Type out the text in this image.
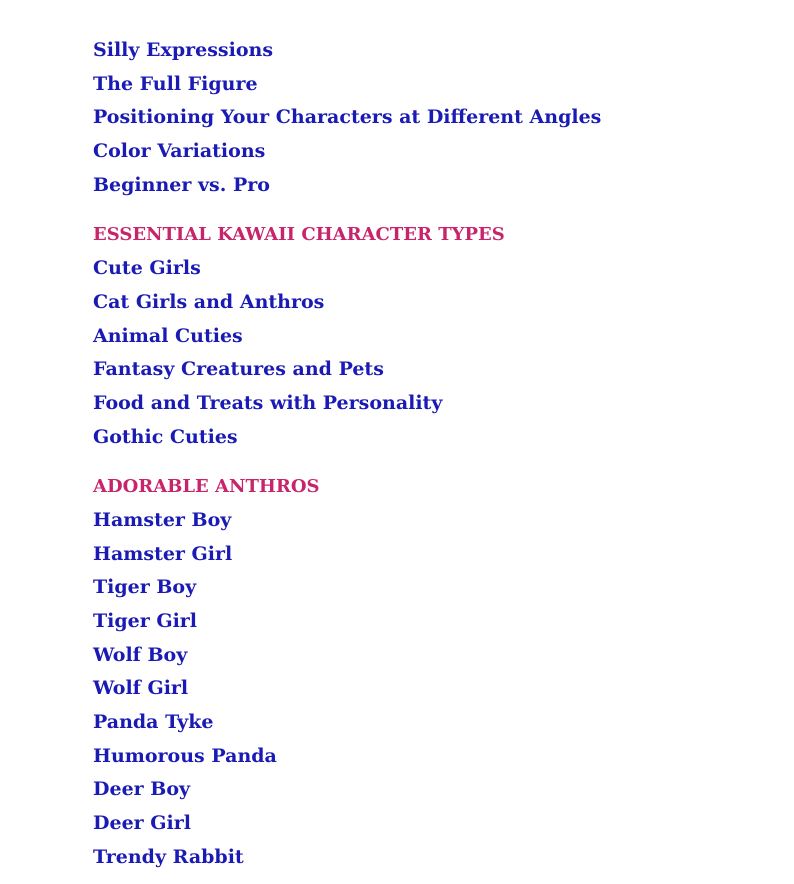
Silly Expressions
The Full Figure
Positioning Your Characters at Different Angles
Color Variations
Beginner vs. Pro
ESSENTIAL KAWAII CHARACTER TYPES
Cute Girls
Cat Girls and Anthros
Animal Cuties
Fantasy Creatures and Pets
Food and Treats with Personality
Gothic Cuties
ADORABLE ANTHROS
Hamster Boy
Hamster Girl
Tiger Boy
Tiger Girl
Wolf Boy
Wolf Girl
Panda Tyke
Humorous Panda
Deer Boy
Deer Girl
Trendy Rabbit
